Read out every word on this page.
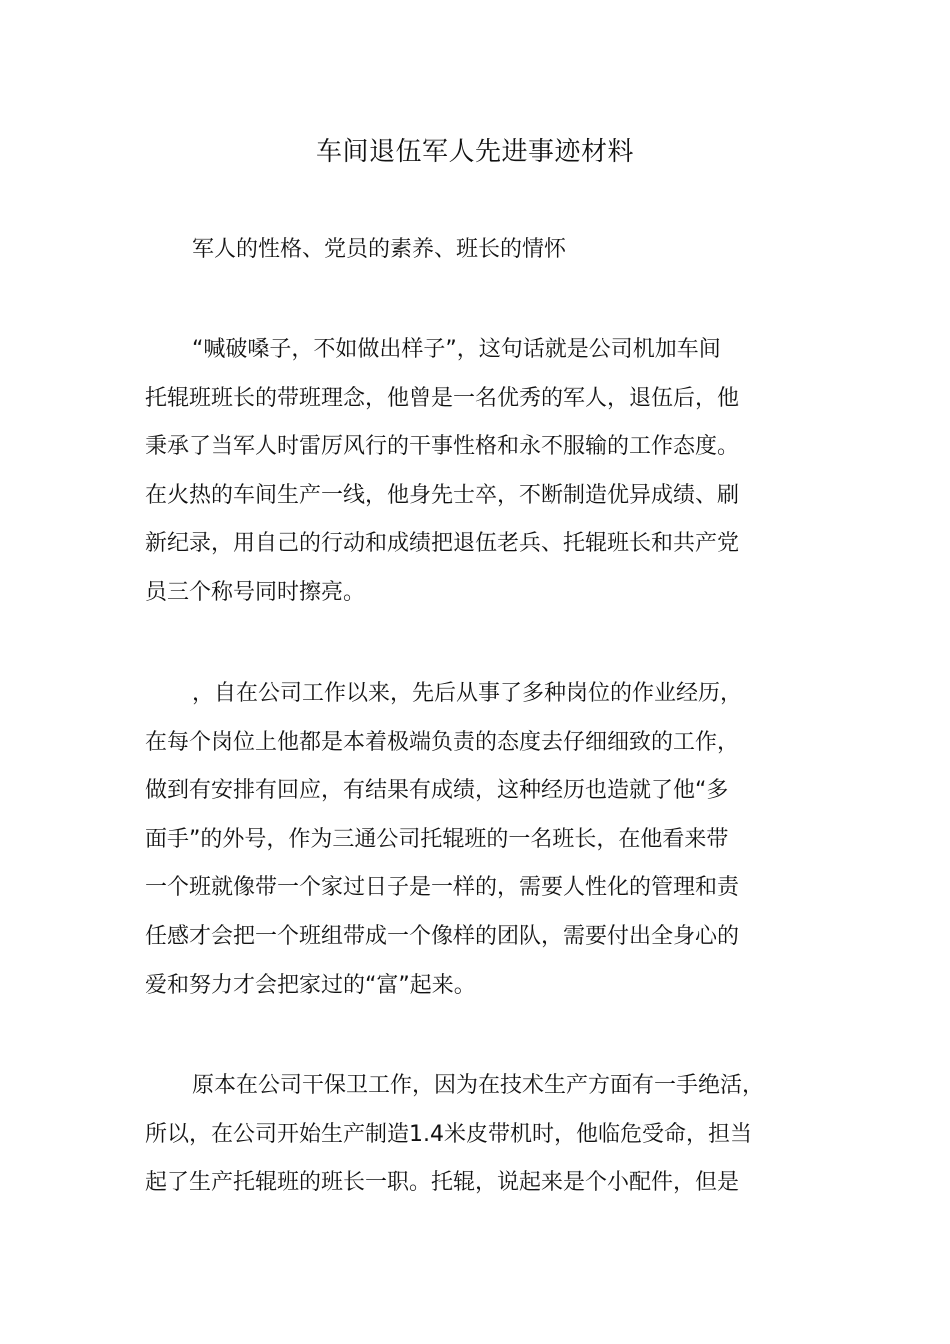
车间退伍军人先进事迹材料
军人的性格、党员的素养、班长的情怀
“喊破嗓子，不如做出样子”，这句话就是公司机加车间
托辊班班长的带班理念，他曾是一名优秀的军人，退伍后，他
秉承了当军人时雷厉风行的干事性格和永不服输的工作态度。
在火热的车间生产一线，他身先士卒，不断制造优异成绩、刷
新纪录，用自己的行动和成绩把退伍老兵、托辊班长和共产党
员三个称号同时擦亮。
，自在公司工作以来，先后从事了多种岗位的作业经历，
在每个岗位上他都是本着极端负责的态度去仔细细致的工作，
做到有安排有回应，有结果有成绩，这种经历也造就了他“多
面手”的外号，作为三通公司托辊班的一名班长，在他看来带
一个班就像带一个家过日子是一样的，需要人性化的管理和责
任感才会把一个班组带成一个像样的团队，需要付出全身心的
爱和努力才会把家过的“富”起来。
原本在公司干保卫工作，因为在技术生产方面有一手绝活，
所以，在公司开始生产制造1.4米皮带机时，他临危受命，担当
起了生产托辊班的班长一职。托辊，说起来是个小配件，但是
